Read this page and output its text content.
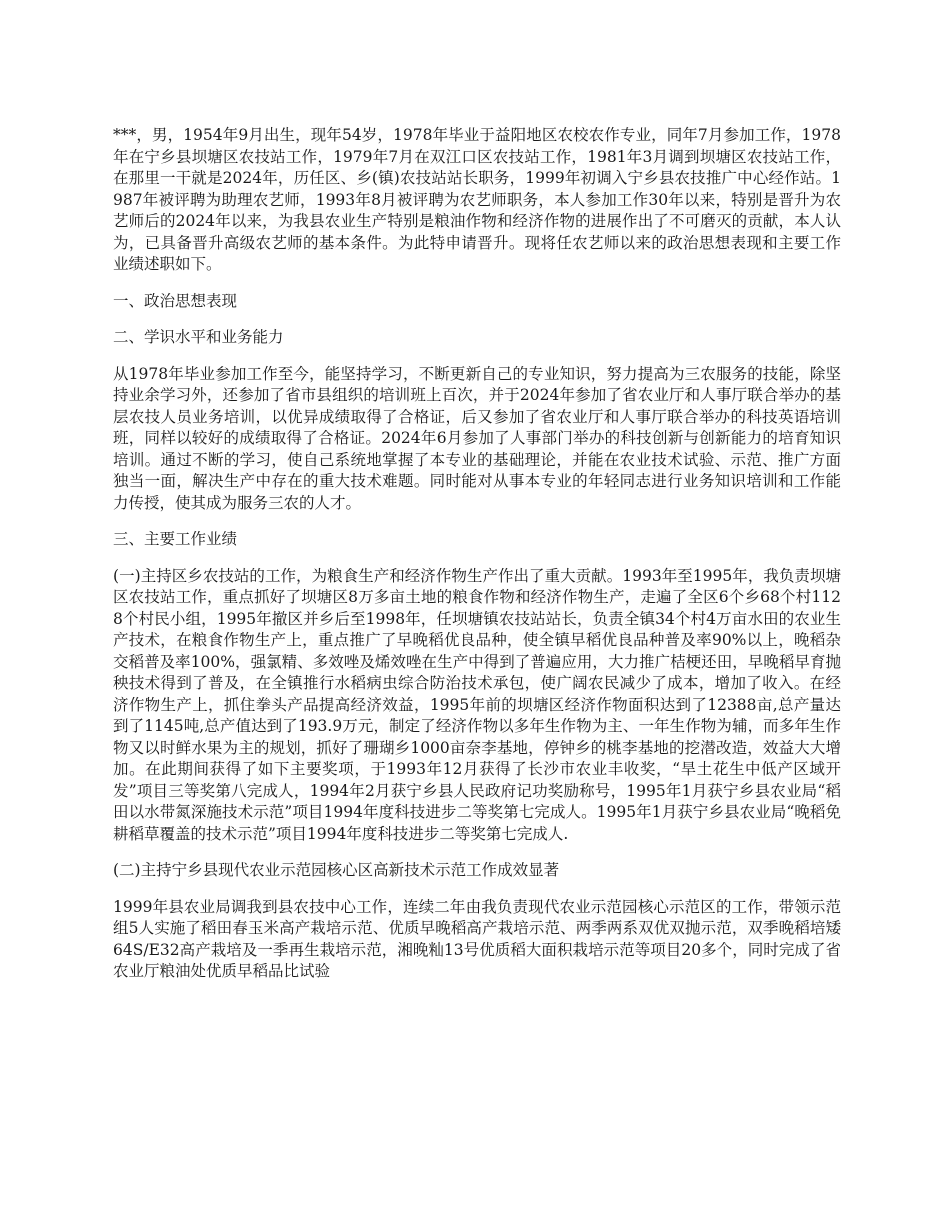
***，男，1954年9月出生，现年54岁，1978年毕业于益阳地区农校农作专业，同年7月参加工作，1978年在宁乡县坝塘区农技站工作，1979年7月在双江口区农技站工作，1981年3月调到坝塘区农技站工作，在那里一干就是2024年，历任区、乡(镇)农技站站长职务，1999年初调入宁乡县农技推广中心经作站。1987年被评聘为助理农艺师，1993年8月被评聘为农艺师职务，本人参加工作30年以来，特别是晋升为农艺师后的2024年以来，为我县农业生产特别是粮油作物和经济作物的进展作出了不可磨灭的贡献，本人认为，已具备晋升高级农艺师的基本条件。为此特申请晋升。现将任农艺师以来的政治思想表现和主要工作业绩述职如下。

一、政治思想表现

二、学识水平和业务能力

从1978年毕业参加工作至今，能坚持学习，不断更新自己的专业知识，努力提高为三农服务的技能，除坚持业余学习外，还参加了省市县组织的培训班上百次，并于2024年参加了省农业厅和人事厅联合举办的基层农技人员业务培训，以优异成绩取得了合格证，后又参加了省农业厅和人事厅联合举办的科技英语培训班，同样以较好的成绩取得了合格证。2024年6月参加了人事部门举办的科技创新与创新能力的培育知识培训。通过不断的学习，使自己系统地掌握了本专业的基础理论，并能在农业技术试验、示范、推广方面独当一面，解决生产中存在的重大技术难题。同时能对从事本专业的年轻同志进行业务知识培训和工作能力传授，使其成为服务三农的人才。

三、主要工作业绩

(一)主持区乡农技站的工作，为粮食生产和经济作物生产作出了重大贡献。1993年至1995年，我负责坝塘区农技站工作，重点抓好了坝塘区8万多亩土地的粮食作物和经济作物生产，走遍了全区6个乡68个村1128个村民小组，1995年撤区并乡后至1998年，任坝塘镇农技站站长，负责全镇34个村4万亩水田的农业生产技术，在粮食作物生产上，重点推广了早晚稻优良品种，使全镇早稻优良品种普及率90%以上，晚稻杂交稻普及率100%，强氯精、多效唑及烯效唑在生产中得到了普遍应用，大力推广桔梗还田，早晚稻早育抛秧技术得到了普及，在全镇推行水稻病虫综合防治技术承包，使广阔农民减少了成本，增加了收入。在经济作物生产上，抓住拳头产品提高经济效益，1995年前的坝塘区经济作物面积达到了12388亩,总产量达到了1145吨,总产值达到了193.9万元，制定了经济作物以多年生作物为主、一年生作物为辅，而多年生作物又以时鲜水果为主的规划，抓好了珊瑚乡1000亩奈李基地，停钟乡的桃李基地的挖潜改造，效益大大增加。在此期间获得了如下主要奖项，于1993年12月获得了长沙市农业丰收奖，“旱土花生中低产区域开发”项目三等奖第八完成人，1994年2月获宁乡县人民政府记功奖励称号，1995年1月获宁乡县农业局“稻田以水带氮深施技术示范”项目1994年度科技进步二等奖第七完成人。1995年1月获宁乡县农业局“晚稻免耕稻草覆盖的技术示范”项目1994年度科技进步二等奖第七完成人.

(二)主持宁乡县现代农业示范园核心区高新技术示范工作成效显著

1999年县农业局调我到县农技中心工作，连续二年由我负责现代农业示范园核心示范区的工作，带领示范组5人实施了稻田春玉米高产栽培示范、优质早晚稻高产栽培示范、两季两系双优双抛示范，双季晚稻培矮64S/E32高产栽培及一季再生栽培示范，湘晚籼13号优质稻大面积栽培示范等项目20多个，同时完成了省农业厅粮油处优质早稻品比试验
